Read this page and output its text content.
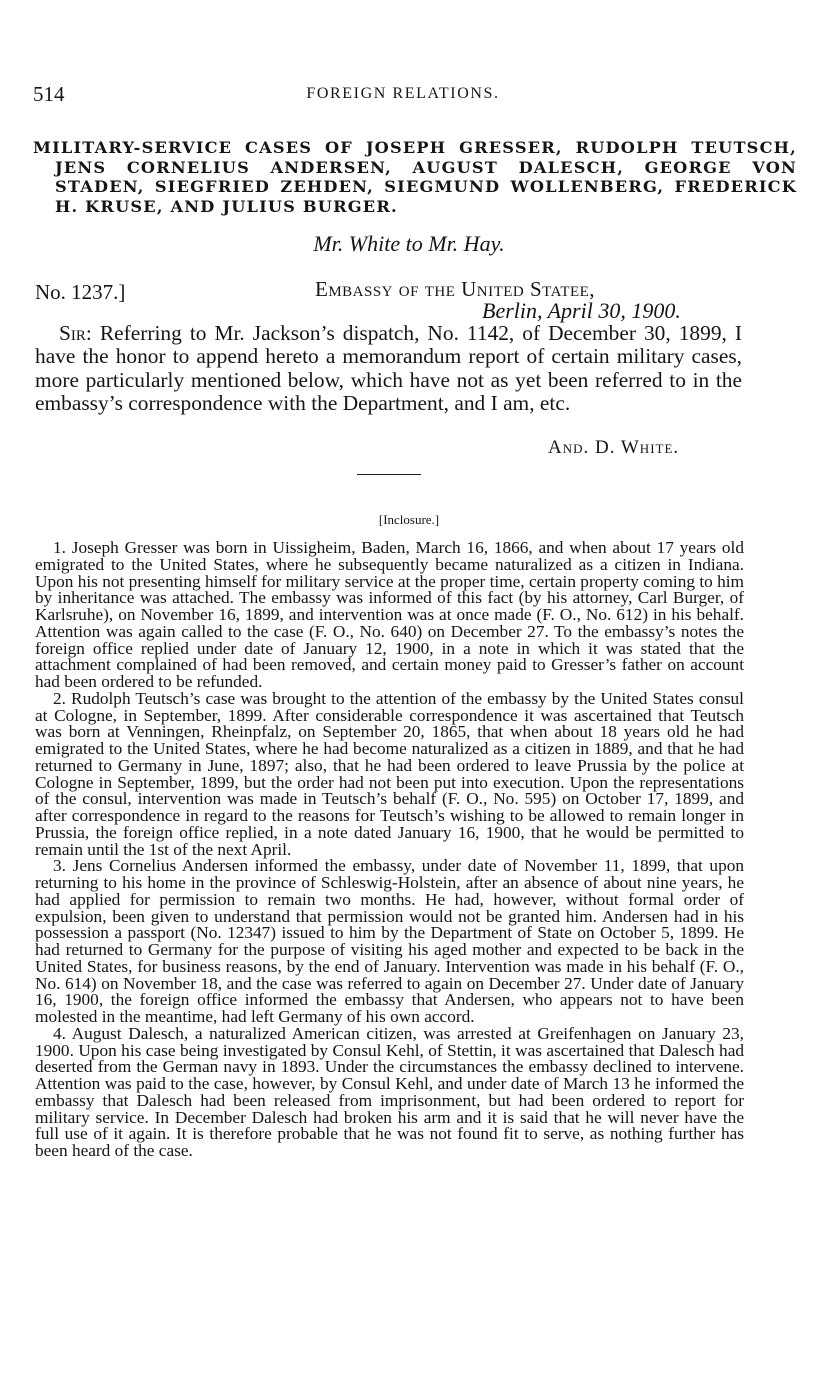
514	FOREIGN RELATIONS.
MILITARY-SERVICE CASES OF JOSEPH GRESSER, RUDOLPH TEUTSCH, JENS CORNELIUS ANDERSEN, AUGUST DALESCH, GEORGE VON STADEN, SIEGFRIED ZEHDEN, SIEGMUND WOLLENBERG, FREDERICK H. KRUSE, AND JULIUS BURGER.
Mr. White to Mr. Hay.
No. 1237.]	Embassy of the United Statee,
Berlin, April 30, 1900.
Sir: Referring to Mr. Jackson’s dispatch, No. 1142, of December 30, 1899, I have the honor to append hereto a memorandum report of certain military cases, more particularly mentioned below, which have not as yet been referred to in the embassy’s correspondence with the Department, and I am, etc.
And. D. White.
[Inclosure.]

1. Joseph Gresser was born in Uissigheim, Baden, March 16, 1866, and when about 17 years old emigrated to the United States, where he subsequently became naturalized as a citizen in Indiana. Upon his not presenting himself for military service at the proper time, certain property coming to him by inheritance was attached. The embassy was informed of this fact (by his attorney, Carl Burger, of Karlsruhe), on November 16, 1899, and intervention was at once made (F. O., No. 612) in his behalf. Attention was again called to the case (F. O., No. 640) on December 27. To the embassy’s notes the foreign office replied under date of January 12, 1900, in a note in which it was stated that the attachment complained of had been removed, and certain money paid to Gresser’s father on account had been ordered to be refunded.

2. Rudolph Teutsch’s case was brought to the attention of the embassy by the United States consul at Cologne, in September, 1899. After considerable correspondence it was ascertained that Teutsch was born at Venningen, Rheinpfalz, on September 20, 1865, that when about 18 years old he had emigrated to the United States, where he had become naturalized as a citizen in 1889, and that he had returned to Germany in June, 1897; also, that he had been ordered to leave Prussia by the police at Cologne in September, 1899, but the order had not been put into execution. Upon the representations of the consul, intervention was made in Teutsch’s behalf (F. O., No. 595) on October 17, 1899, and after correspondence in regard to the reasons for Teutsch’s wishing to be allowed to remain longer in Prussia, the foreign office replied, in a note dated January 16, 1900, that he would be permitted to remain until the 1st of the next April.

3. Jens Cornelius Andersen informed the embassy, under date of November 11, 1899, that upon returning to his home in the province of Schleswig-Holstein, after an absence of about nine years, he had applied for permission to remain two months. He had, however, without formal order of expulsion, been given to understand that permission would not be granted him. Andersen had in his possession a passport (No. 12347) issued to him by the Department of State on October 5, 1899. He had returned to Germany for the purpose of visiting his aged mother and expected to be back in the United States, for business reasons, by the end of January. Intervention was made in his behalf (F. O., No. 614) on November 18, and the case was referred to again on December 27. Under date of January 16, 1900, the foreign office informed the embassy that Andersen, who appears not to have been molested in the meantime, had left Germany of his own accord.

4. August Dalesch, a naturalized American citizen, was arrested at Greifenhagen on January 23, 1900. Upon his case being investigated by Consul Kehl, of Stettin, it was ascertained that Dalesch had deserted from the German navy in 1893. Under the circumstances the embassy declined to intervene. Attention was paid to the case, however, by Consul Kehl, and under date of March 13 he informed the embassy that Dalesch had been released from imprisonment, but had been ordered to report for military service. In December Dalesch had broken his arm and it is said that he will never have the full use of it again. It is therefore probable that he was not found fit to serve, as nothing further has been heard of the case.
